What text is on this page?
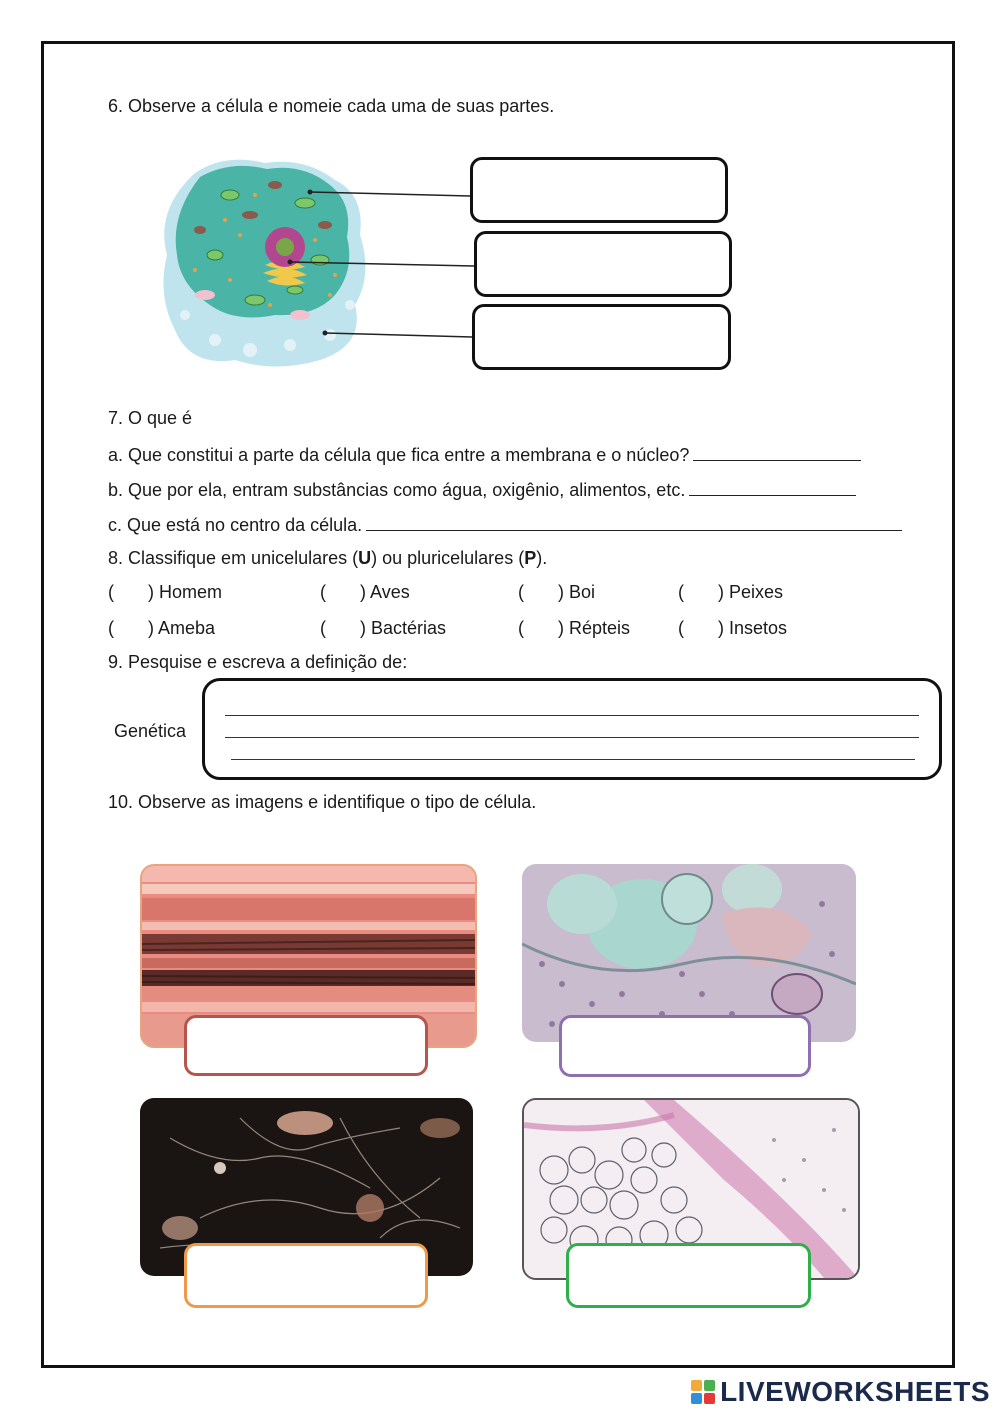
6. Observe a célula e nomeie cada uma de suas partes.
7. O que é
a. Que constitui a parte da célula que fica entre a membrana e o núcleo?
b. Que por ela, entram substâncias como água, oxigênio, alimentos, etc.
c. Que está no centro da célula.
8. Classifique em unicelulares (U) ou pluricelulares (P).
( ) Homem	( ) Aves	( ) Boi	( ) Peixes
( ) Ameba	( ) Bactérias	( ) Répteis	( ) Insetos
9. Pesquise e escreva a definição de:
Genética
10. Observe as imagens e identifique o tipo de célula.
LIVEWORKSHEETS
